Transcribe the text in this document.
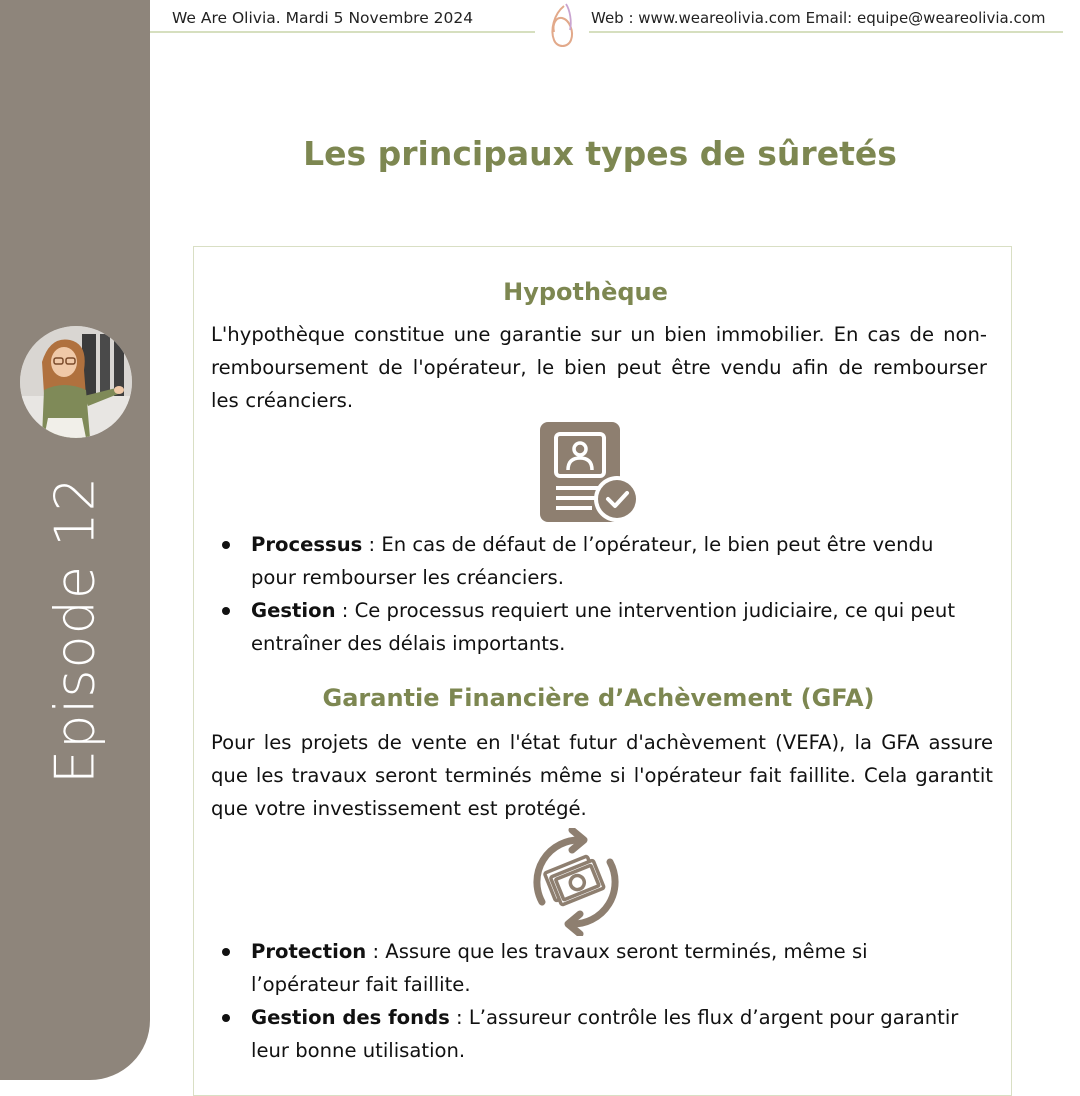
Episode 12
We Are Olivia. Mardi 5 Novembre 2024	Web : www.weareolivia.com Email: equipe@weareolivia.com
Les principaux types de sûretés
Hypothèque

L'hypothèque constitue une garantie sur un bien immobilier. En cas de non-remboursement de l'opérateur, le bien peut être vendu afin de rembourser les créanciers.

Processus : En cas de défaut de l’opérateur, le bien peut être vendu pour rembourser les créanciers.
Gestion : Ce processus requiert une intervention judiciaire, ce qui peut entraîner des délais importants.
Garantie Financière d’Achèvement (GFA)

Pour les projets de vente en l'état futur d'achèvement (VEFA), la GFA assure que les travaux seront terminés même si l'opérateur fait faillite. Cela garantit que votre investissement est protégé.

Protection : Assure que les travaux seront terminés, même si l’opérateur fait faillite.
Gestion des fonds : L’assureur contrôle les flux d’argent pour garantir leur bonne utilisation.
